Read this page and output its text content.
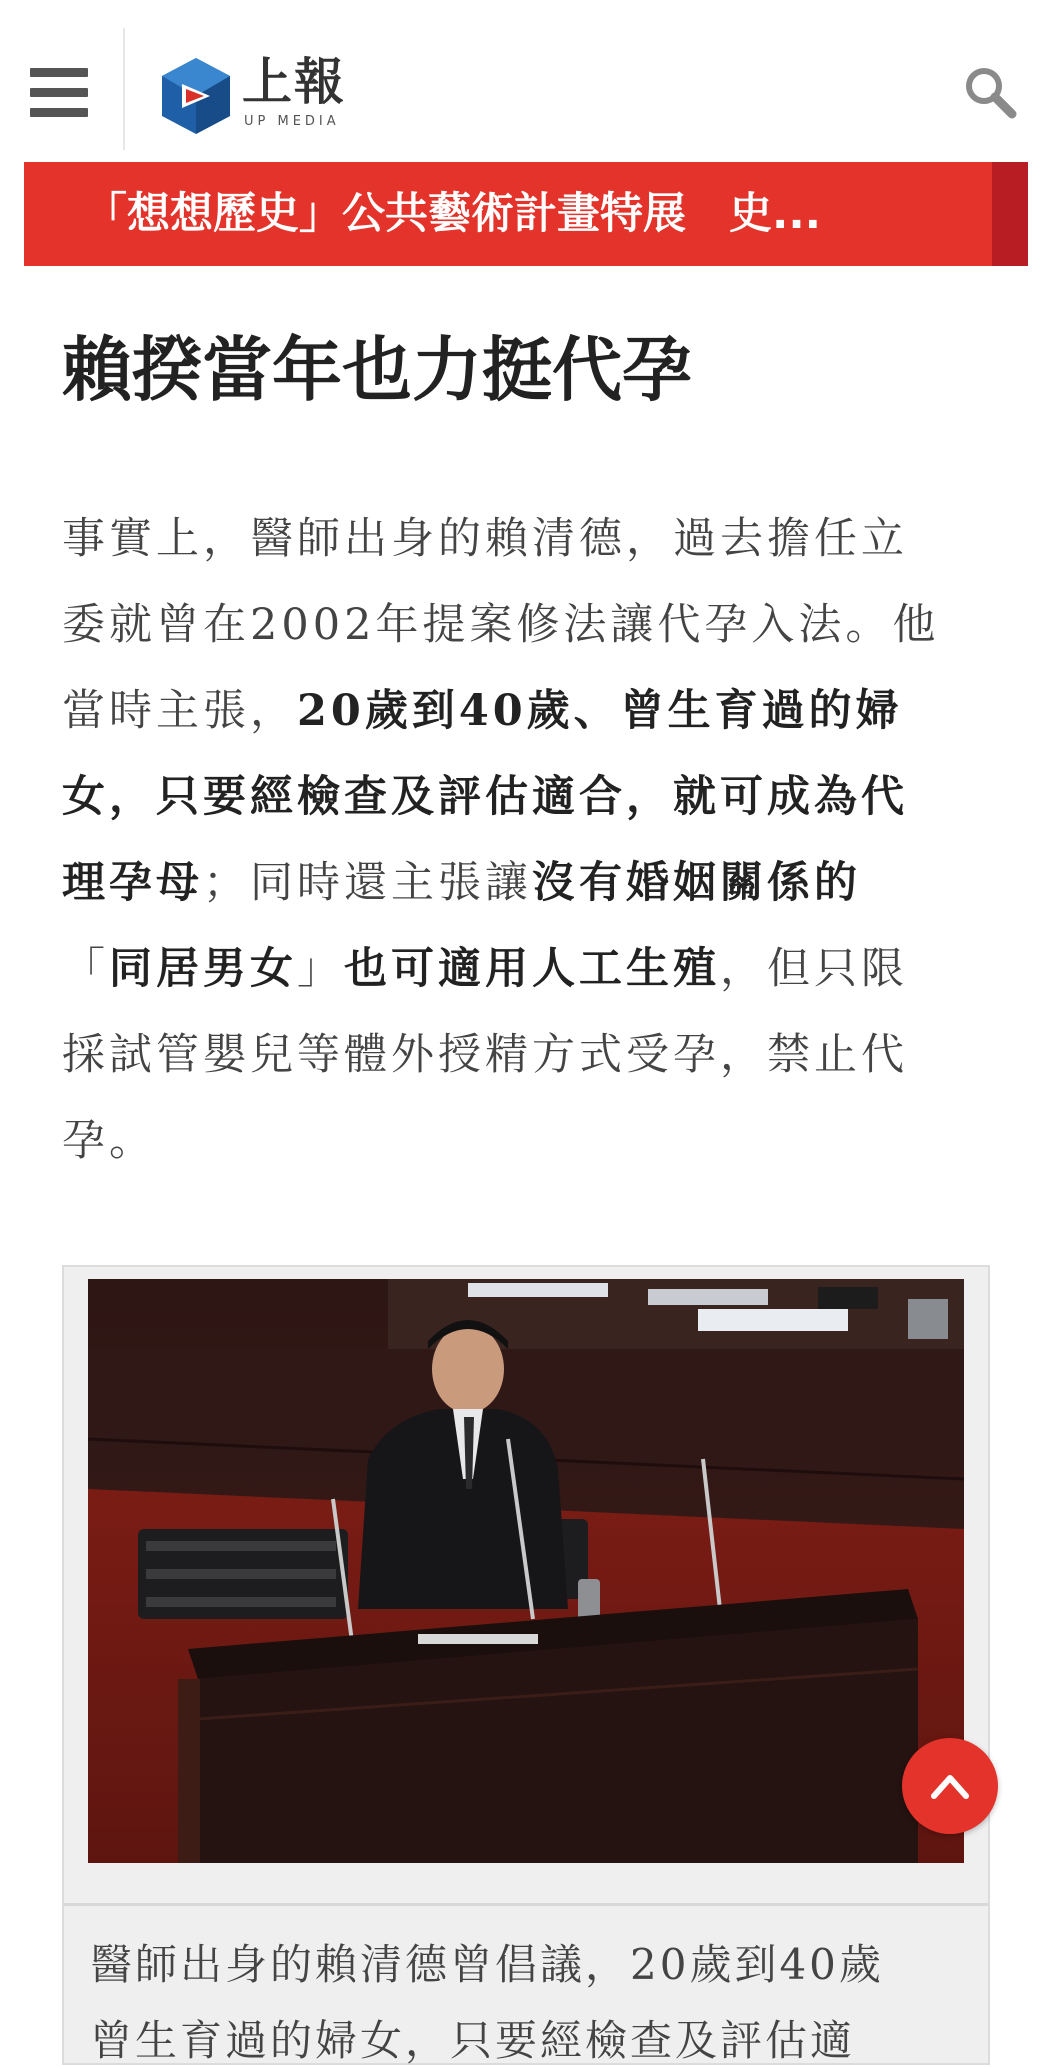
上報
UP MEDIA
「想想歷史」公共藝術計畫特展　史...
賴揆當年也力挺代孕
事實上，醫師出身的賴清德，過去擔任立
委就曾在2002年提案修法讓代孕入法。他
當時主張，20歲到40歲、曾生育過的婦
女，只要經檢查及評估適合，就可成為代
理孕母；同時還主張讓沒有婚姻關係的
「同居男女」也可適用人工生殖，但只限
採試管嬰兒等體外授精方式受孕，禁止代
孕。
醫師出身的賴清德曾倡議，20歲到40歲
曾生育過的婦女，只要經檢查及評估適
